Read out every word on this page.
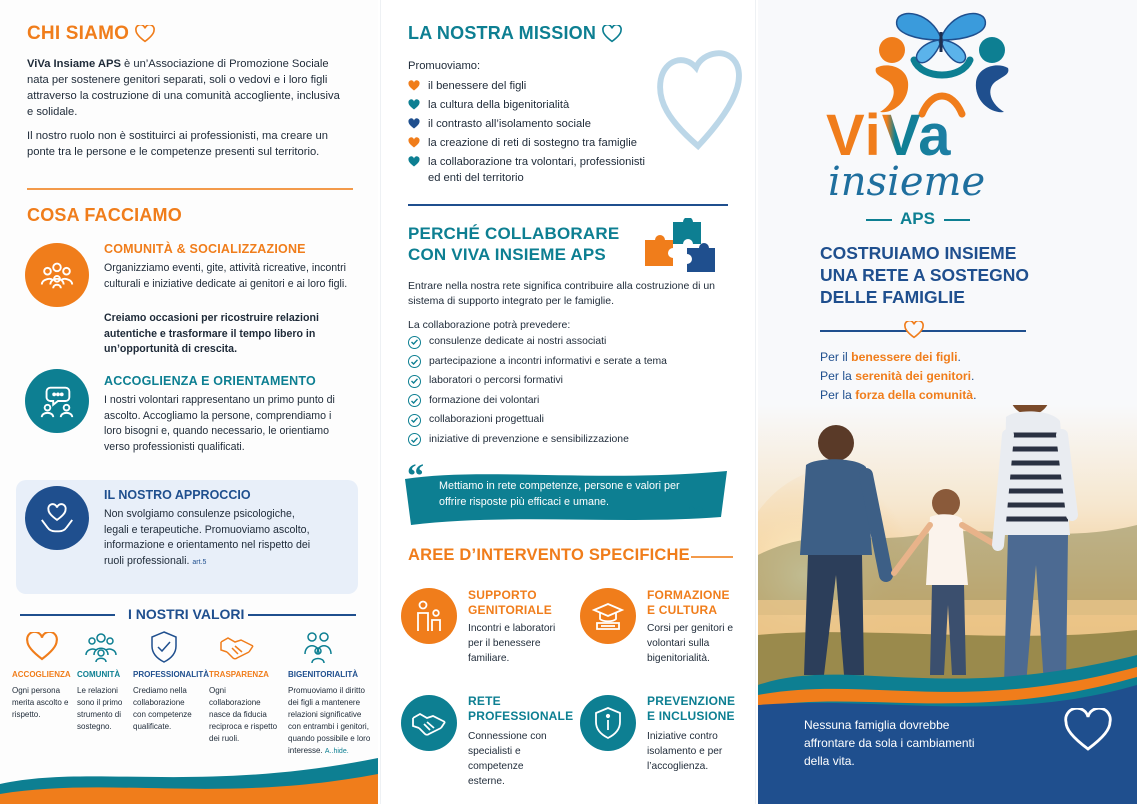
CHI SIAMO
ViVa Insiame APS è un’Associazione di Promozione Sociale nata per sostenere genitori separati, soli o vedovi e i loro figli attraverso la costruzione di una comunità accogliente, inclusiva e solidale.
Il nostro ruolo non è sostituirci ai professionisti, ma creare un ponte tra le persone e le competenze presenti sul territorio.
COSA FACCIAMO
COMUNITÀ & SOCIALIZZAZIONE
Organizziamo eventi, gite, attività ricreative, incontri culturali e iniziative dedicate ai genitori e ai loro figli.
Creiamo occasioni per ricostruire relazioni autentiche e trasformare il tempo libero in un’opportunità di crescita.
ACCOGLIENZA E ORIENTAMENTO
I nostri volontari rappresentano un primo punto di ascolto. Accogliamo la persone, comprendiamo i loro bisogni e, quando necessario, le orientiamo verso professionisti qualificati.
IL NOSTRO APPROCCIO
Non svolgiamo consulenze psicologiche, legali e terapeutiche. Promuoviamo ascolto, informazione e orientamento nel rispetto dei ruoli professionali. art.5
I NOSTRI VALORI
ACCOGLIENZA
Ogni persona merita ascolto e rispetto.
COMUNITÀ
Le relazioni sono il primo strumento di sostegno.
PROFESSIONALITÀ
Crediamo nella collaborazione con competenze qualificate.
TRASPARENZA
Ogni collaborazione nasce da fiducia reciproca e rispetto dei ruoli.
BIGENITORIALITÀ
Promuoviamo il diritto dei figli a mantenere relazioni significative con entrambi i genitori, quando possibile e loro interesse. A..hide.
LA NOSTRA MISSION
Promuoviamo:
il benessere del figli
la cultura della bigenitorialità
il contrasto all’isolamento sociale
la creazione di reti di sostegno tra famiglie
la collaborazione tra volontari, professionisti ed enti del territorio
PERCHÉ COLLABORARE
CON VIVA INSIEME APS
Entrare nella nostra rete significa contribuire alla costruzione di un sistema di supporto integrato per le famiglie.
La collaborazione potrà prevedere:
consulenze dedicate ai nostri associati
partecipazione a incontri informativi e serate a tema
laboratori o percorsi formativi
formazione dei volontari
collaborazioni progettuali
iniziative di prevenzione e sensibilizzazione
“
”
Mettiamo in rete competenze, persone e valori per offrire risposte più efficaci e umane.
AREE D’INTERVENTO SPECIFICHE
SUPPORTO
GENITORIALE
Incontri e laboratori per il benessere familiare.
FORMAZIONE
E CULTURA
Corsi per genitori e volontari sulla bigenitorialità.
RETE
PROFESSIONALE
Connessione con specialisti e competenze esterne.
PREVENZIONE
E INCLUSIONE
Iniziative contro isolamento e per l’accoglienza.
ViVa
insieme
APS
COSTRUIAMO INSIEME
UNA RETE A SOSTEGNO
DELLE FAMIGLIE
Per il benessere dei figli.
Per la serenità dei genitori.
Per la forza della comunità.
Nessuna famiglia dovrebbe affrontare da sola i cambiamenti della vita.
